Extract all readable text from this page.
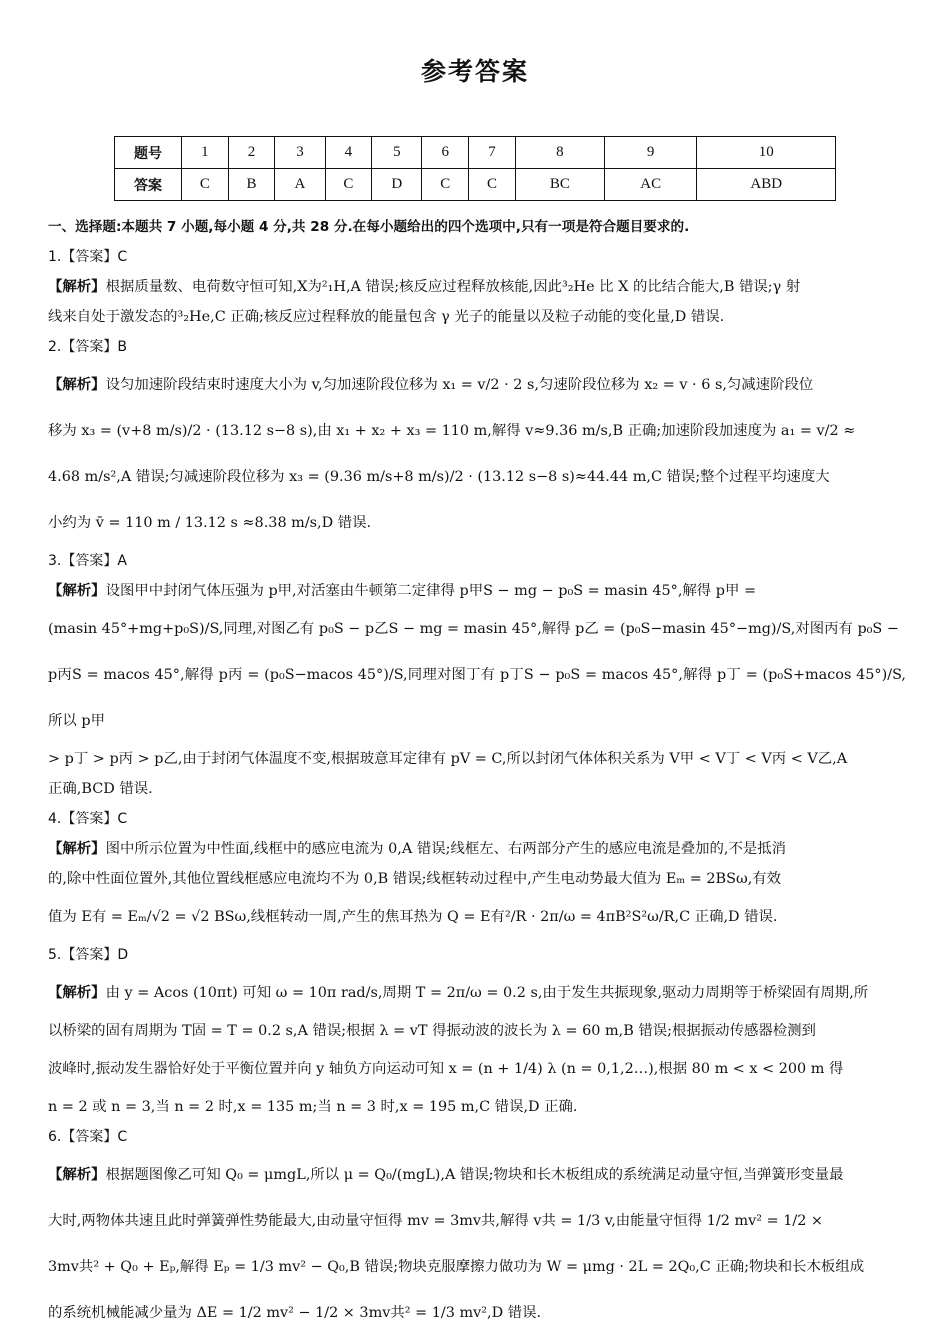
参考答案
题号	1	2	3	4	5	6	7	8	9	10
答案	C	B	A	C	D	C	C	BC	AC	ABD

一、选择题:本题共 7 小题,每小题 4 分,共 28 分.在每小题给出的四个选项中,只有一项是符合题目要求的.

1.【答案】C

【解析】根据质量数、电荷数守恒可知,X为²₁H,A 错误;核反应过程释放核能,因此³₂He 比 X 的比结合能大,B 错误;γ 射

线来自处于激发态的³₂He,C 正确;核反应过程释放的能量包含 γ 光子的能量以及粒子动能的变化量,D 错误.

2.【答案】B

【解析】设匀加速阶段结束时速度大小为 v,匀加速阶段位移为 x₁ = v/2 · 2 s,匀速阶段位移为 x₂ = v · 6 s,匀减速阶段位

移为 x₃ = (v+8 m/s)/2 · (13.12 s−8 s),由 x₁ + x₂ + x₃ = 110 m,解得 v≈9.36 m/s,B 正确;加速阶段加速度为 a₁ = v/2 ≈

4.68 m/s²,A 错误;匀减速阶段位移为 x₃ = (9.36 m/s+8 m/s)/2 · (13.12 s−8 s)≈44.44 m,C 错误;整个过程平均速度大

小约为 v̄ = 110 m / 13.12 s ≈8.38 m/s,D 错误.

3.【答案】A

【解析】设图甲中封闭气体压强为 p甲,对活塞由牛顿第二定律得 p甲S − mg − p₀S = masin 45°,解得 p甲 =

(masin 45°+mg+p₀S)/S,同理,对图乙有 p₀S − p乙S − mg = masin 45°,解得 p乙 = (p₀S−masin 45°−mg)/S,对图丙有 p₀S −

p丙S = macos 45°,解得 p丙 = (p₀S−macos 45°)/S,同理对图丁有 p丁S − p₀S = macos 45°,解得 p丁 = (p₀S+macos 45°)/S,所以 p甲

> p丁 > p丙 > p乙,由于封闭气体温度不变,根据玻意耳定律有 pV = C,所以封闭气体体积关系为 V甲 < V丁 < V丙 < V乙,A

正确,BCD 错误.

4.【答案】C

【解析】图中所示位置为中性面,线框中的感应电流为 0,A 错误;线框左、右两部分产生的感应电流是叠加的,不是抵消

的,除中性面位置外,其他位置线框感应电流均不为 0,B 错误;线框转动过程中,产生电动势最大值为 Eₘ = 2BSω,有效

值为 E有 = Eₘ/√2 = √2 BSω,线框转动一周,产生的焦耳热为 Q = E有²/R · 2π/ω = 4πB²S²ω/R,C 正确,D 错误.

5.【答案】D

【解析】由 y = Acos (10πt) 可知 ω = 10π rad/s,周期 T = 2π/ω = 0.2 s,由于发生共振现象,驱动力周期等于桥梁固有周期,所

以桥梁的固有周期为 T固 = T = 0.2 s,A 错误;根据 λ = vT 得振动波的波长为 λ = 60 m,B 错误;根据振动传感器检测到

波峰时,振动发生器恰好处于平衡位置并向 y 轴负方向运动可知 x = (n + 1/4) λ (n = 0,1,2…),根据 80 m < x < 200 m 得

n = 2 或 n = 3,当 n = 2 时,x = 135 m;当 n = 3 时,x = 195 m,C 错误,D 正确.

6.【答案】C

【解析】根据题图像乙可知 Q₀ = μmgL,所以 μ = Q₀/(mgL),A 错误;物块和长木板组成的系统满足动量守恒,当弹簧形变量最

大时,两物体共速且此时弹簧弹性势能最大,由动量守恒得 mv = 3mv共,解得 v共 = 1/3 v,由能量守恒得 1/2 mv² = 1/2 ×

3mv共² + Q₀ + Eₚ,解得 Eₚ = 1/3 mv² − Q₀,B 错误;物块克服摩擦力做功为 W = μmg · 2L = 2Q₀,C 正确;物块和长木板组成

的系统机械能减少量为 ΔE = 1/2 mv² − 1/2 × 3mv共² = 1/3 mv²,D 错误.
